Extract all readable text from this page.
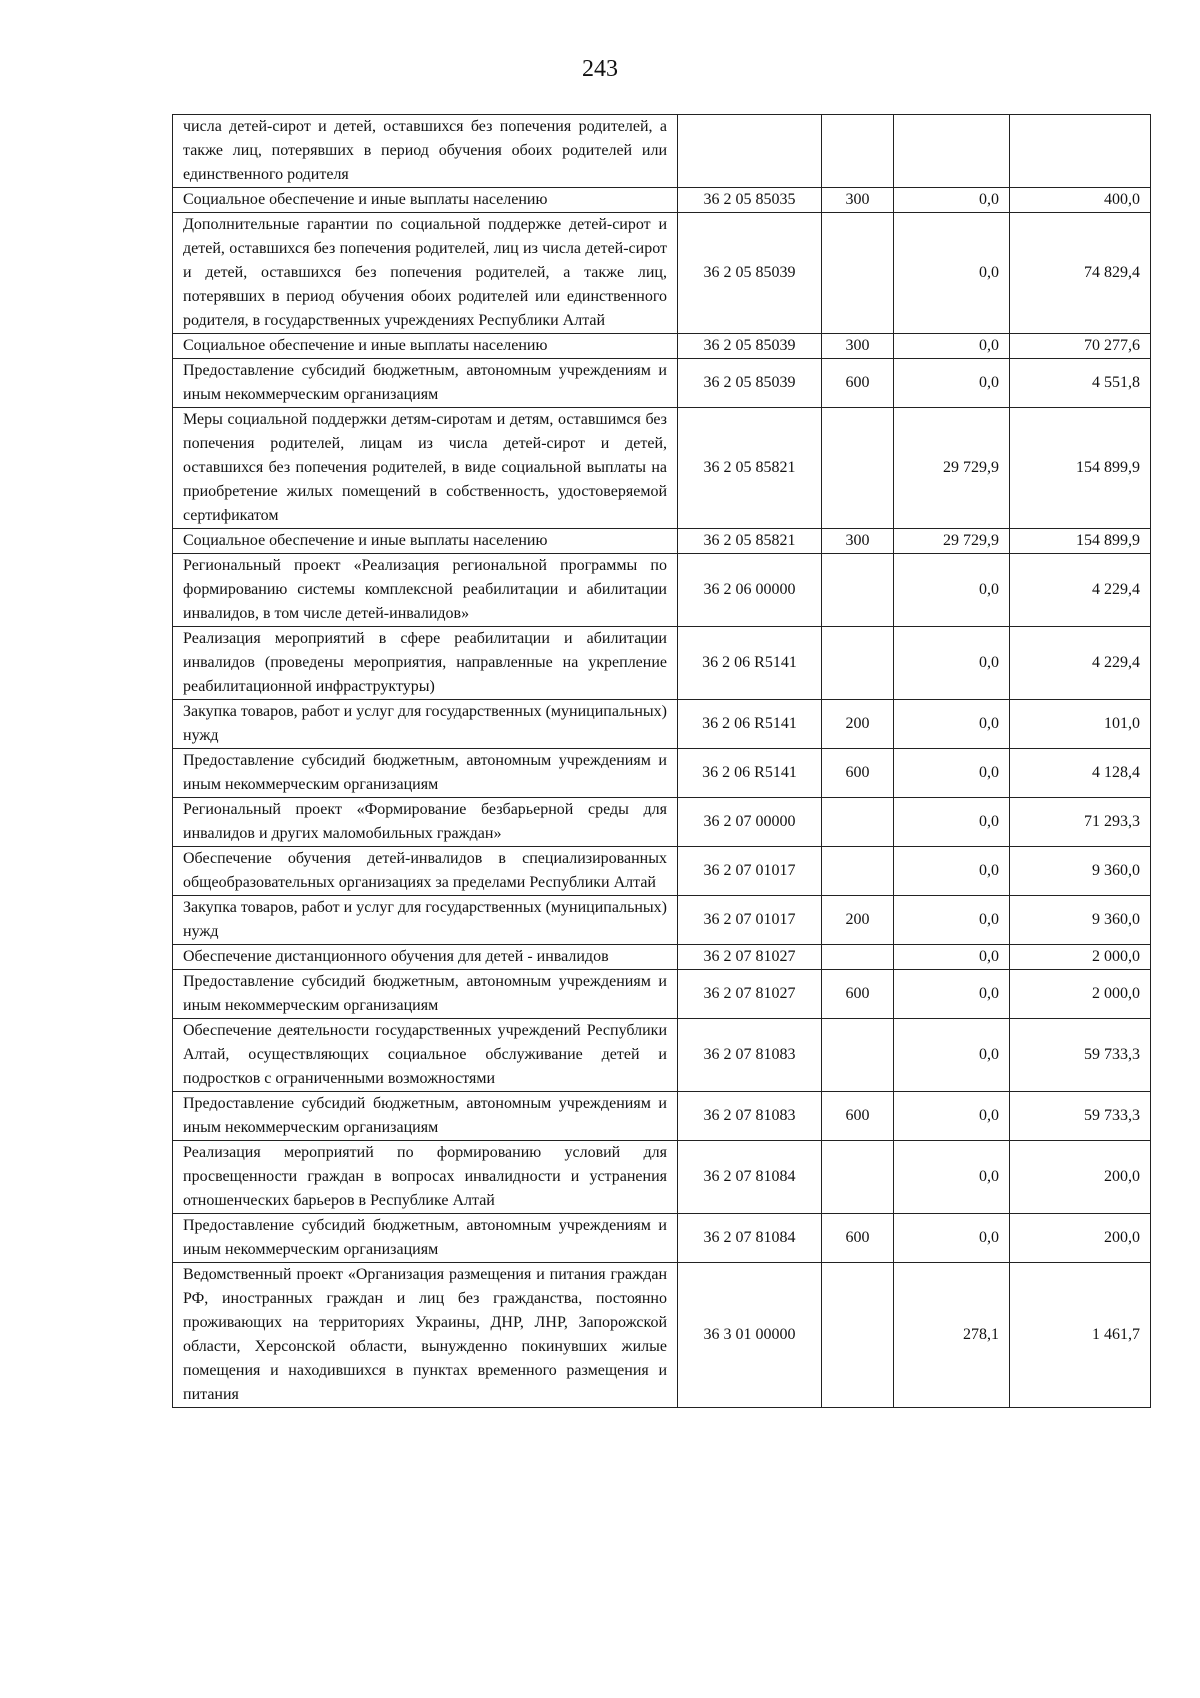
243
числа детей-сирот и детей, оставшихся без попечения родителей, а также лиц, потерявших в период обучения обоих родителей или единственного родителя				
Социальное обеспечение и иные выплаты населению	36 2 05 85035	300	0,0	400,0
Дополнительные гарантии по социальной поддержке детей-сирот и детей, оставшихся без попечения родителей, лиц из числа детей-сирот и детей, оставшихся без попечения родителей, а также лиц, потерявших в период обучения обоих родителей или единственного родителя, в государственных учреждениях Республики Алтай	36 2 05 85039		0,0	74 829,4
Социальное обеспечение и иные выплаты населению	36 2 05 85039	300	0,0	70 277,6
Предоставление субсидий бюджетным, автономным учреждениям и иным некоммерческим организациям	36 2 05 85039	600	0,0	4 551,8
Меры социальной поддержки детям-сиротам и детям, оставшимся без попечения родителей, лицам из числа детей-сирот и детей, оставшихся без попечения родителей, в виде социальной выплаты на приобретение жилых помещений в собственность, удостоверяемой сертификатом	36 2 05 85821		29 729,9	154 899,9
Социальное обеспечение и иные выплаты населению	36 2 05 85821	300	29 729,9	154 899,9
Региональный проект «Реализация региональной программы по формированию системы комплексной реабилитации и абилитации инвалидов, в том числе детей-инвалидов»	36 2 06 00000		0,0	4 229,4
Реализация мероприятий в сфере реабилитации и абилитации инвалидов (проведены мероприятия, направленные на укрепление реабилитационной инфраструктуры)	36 2 06 R5141		0,0	4 229,4
Закупка товаров, работ и услуг для государственных (муниципальных) нужд	36 2 06 R5141	200	0,0	101,0
Предоставление субсидий бюджетным, автономным учреждениям и иным некоммерческим организациям	36 2 06 R5141	600	0,0	4 128,4
Региональный проект «Формирование безбарьерной среды для инвалидов и других маломобильных граждан»	36 2 07 00000		0,0	71 293,3
Обеспечение обучения детей-инвалидов в специализированных общеобразовательных организациях за пределами Республики Алтай	36 2 07 01017		0,0	9 360,0
Закупка товаров, работ и услуг для государственных (муниципальных) нужд	36 2 07 01017	200	0,0	9 360,0
Обеспечение дистанционного обучения для детей - инвалидов	36 2 07 81027		0,0	2 000,0
Предоставление субсидий бюджетным, автономным учреждениям и иным некоммерческим организациям	36 2 07 81027	600	0,0	2 000,0
Обеспечение деятельности государственных учреждений Республики Алтай, осуществляющих социальное обслуживание детей и подростков с ограниченными возможностями	36 2 07 81083		0,0	59 733,3
Предоставление субсидий бюджетным, автономным учреждениям и иным некоммерческим организациям	36 2 07 81083	600	0,0	59 733,3
Реализация мероприятий по формированию условий для просвещенности граждан в вопросах инвалидности и устранения отношенческих барьеров в Республике Алтай	36 2 07 81084		0,0	200,0
Предоставление субсидий бюджетным, автономным учреждениям и иным некоммерческим организациям	36 2 07 81084	600	0,0	200,0
Ведомственный проект «Организация размещения и питания граждан РФ, иностранных граждан и лиц без гражданства, постоянно проживающих на территориях Украины, ДНР, ЛНР, Запорожской области, Херсонской области, вынужденно покинувших жилые помещения и находившихся в пунктах временного размещения и питания	36 3 01 00000		278,1	1 461,7
